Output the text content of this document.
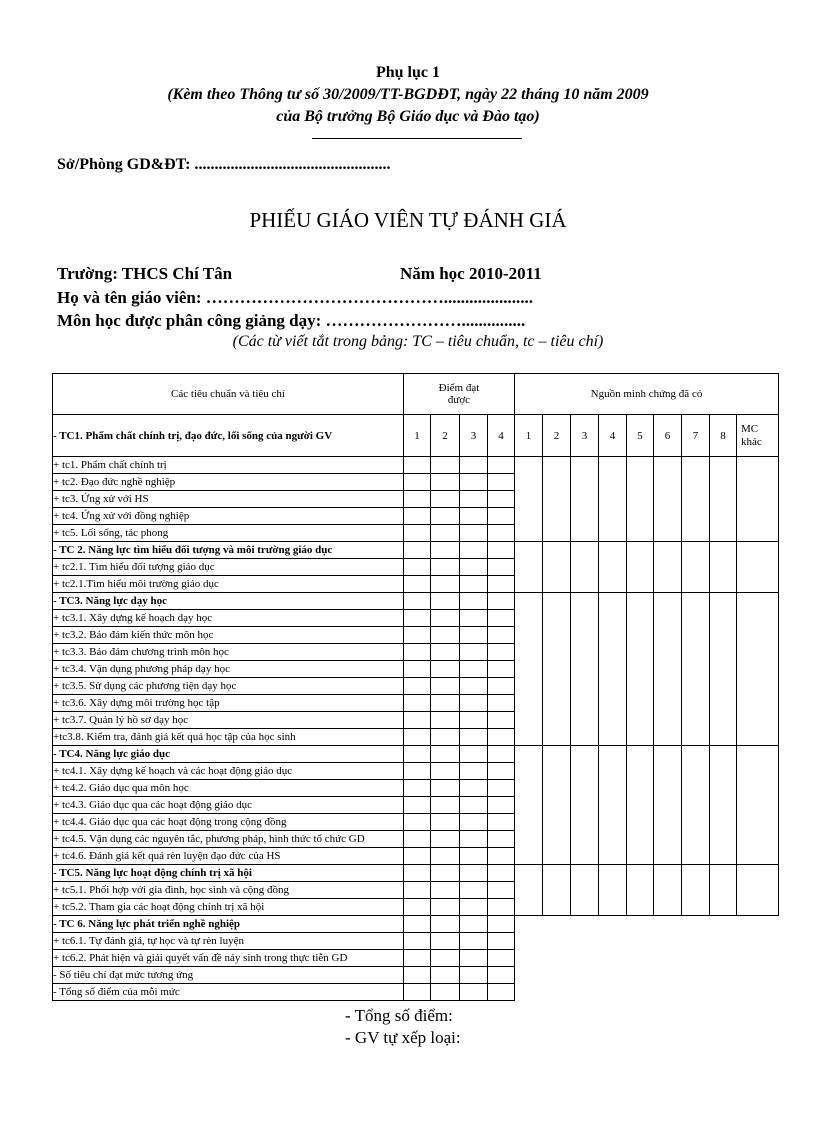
Phụ lục 1
(Kèm theo Thông tư số 30/2009/TT-BGDĐT, ngày 22 tháng 10 năm 2009
của Bộ trưởng Bộ Giáo dục và Đào tạo)
Sở/Phòng GD&ĐT: .................................................
PHIẾU GIÁO VIÊN TỰ ĐÁNH GIÁ
Trường: THCS Chí Tân	Năm học 2010-2011
Họ và tên giáo viên: …………………………………….....................
Môn học được phân công giảng dạy: ……………………...............
(Các từ viết tắt trong bảng: TC – tiêu chuẩn, tc – tiêu chí)
Các tiêu chuẩn và tiêu chí	Điểm đạt
được				Nguồn minh chứng đã có								
- TC1. Phẩm chất chính trị, đạo đức, lối sống của người GV	1	2	3	4	1	2	3	4	5	6	7	8	MC
khác
+ tc1. Phẩm chất chính trị													
+ tc2. Đạo đức nghề nghiệp													
+ tc3. Ứng xử với HS													
+ tc4. Ứng xử với đồng nghiệp													
+ tc5. Lối sống, tác phong													
- TC 2. Năng lực tìm hiểu đối tượng và môi trường giáo dục													
+ tc2.1. Tìm hiểu đối tượng giáo dục													
+ tc2.1.Tìm hiểu môi trường giáo dục													
- TC3. Năng lực dạy học													
+ tc3.1. Xây dựng kế hoạch dạy học													
+ tc3.2. Bảo đảm kiến thức môn học													
+ tc3.3. Bảo đảm chương trình môn học													
+ tc3.4. Vận dụng phương pháp dạy học													
+ tc3.5. Sử dụng các phương tiện dạy học													
+ tc3.6. Xây dựng môi trường học tập													
+ tc3.7. Quản lý hồ sơ dạy học													
+tc3.8. Kiểm tra, đánh giá kết quả học tập của học sinh													
- TC4. Năng lực giáo dục													
+ tc4.1. Xây dựng kế hoạch và các hoạt động giáo dục													
+ tc4.2. Giáo dục qua môn học													
+ tc4.3. Giáo dục qua các hoạt động giáo dục													
+ tc4.4. Giáo dục qua các hoạt động trong cộng đồng													
+ tc4.5. Vận dụng các nguyên tắc, phương pháp, hình thức tổ chức GD													
+ tc4.6. Đánh giá kết quả rèn luyện đạo đức của HS													
- TC5. Năng lực hoạt động chính trị xã hội													
+ tc5.1. Phối hợp với gia đình, học sinh và cộng đồng													
+ tc5.2. Tham gia các hoạt động chính trị xã hội													
- TC 6. Năng lực phát triển nghề nghiệp													
+ tc6.1. Tự đánh giá, tự học và tự rèn luyện													
+ tc6.2. Phát hiện và giải quyết vấn đề nảy sinh trong thực tiễn GD													
- Số tiêu chí đạt mức tương ứng													
- Tổng số điểm của mỗi mức													
- Tổng số điểm:
- GV tự xếp loại:
